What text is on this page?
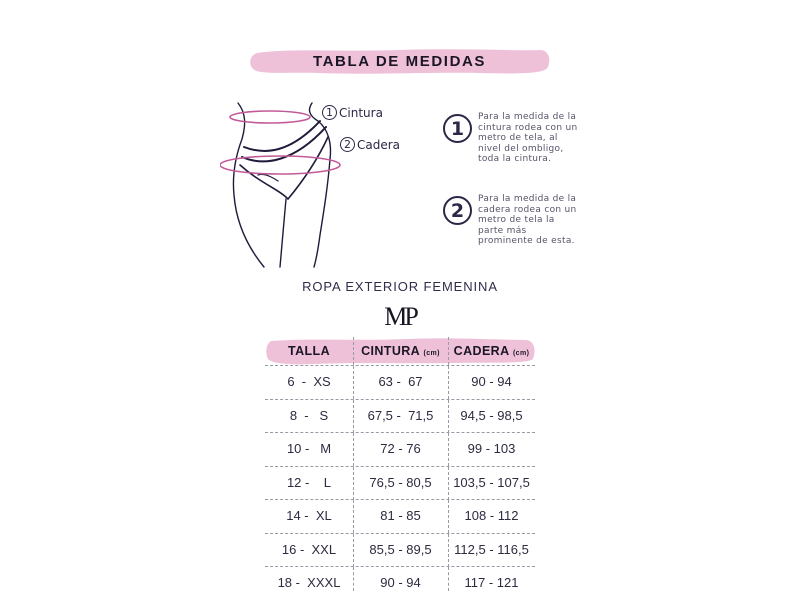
TABLA DE MEDIDAS
1 Cintura
2 Cadera
1
Para la medida de la cintura rodea con un metro de tela, al nivel del ombligo, toda la cintura.
2
Para la medida de la cadera rodea con un metro de tela la parte más prominente de esta.
ROPA EXTERIOR FEMENINA
MP
TALLA	CINTURA (cm)	CADERA (cm)
6  -  XS	63 -  67	90 - 94
8  -   S	67,5 -  71,5	94,5 - 98,5
10 -   M	72 - 76	99 - 103
12 -    L	76,5 - 80,5	103,5 - 107,5
14 -  XL	81 - 85	108 - 112
16 -  XXL	85,5 - 89,5	112,5 - 116,5
18 -  XXXL	90 - 94	117 - 121
